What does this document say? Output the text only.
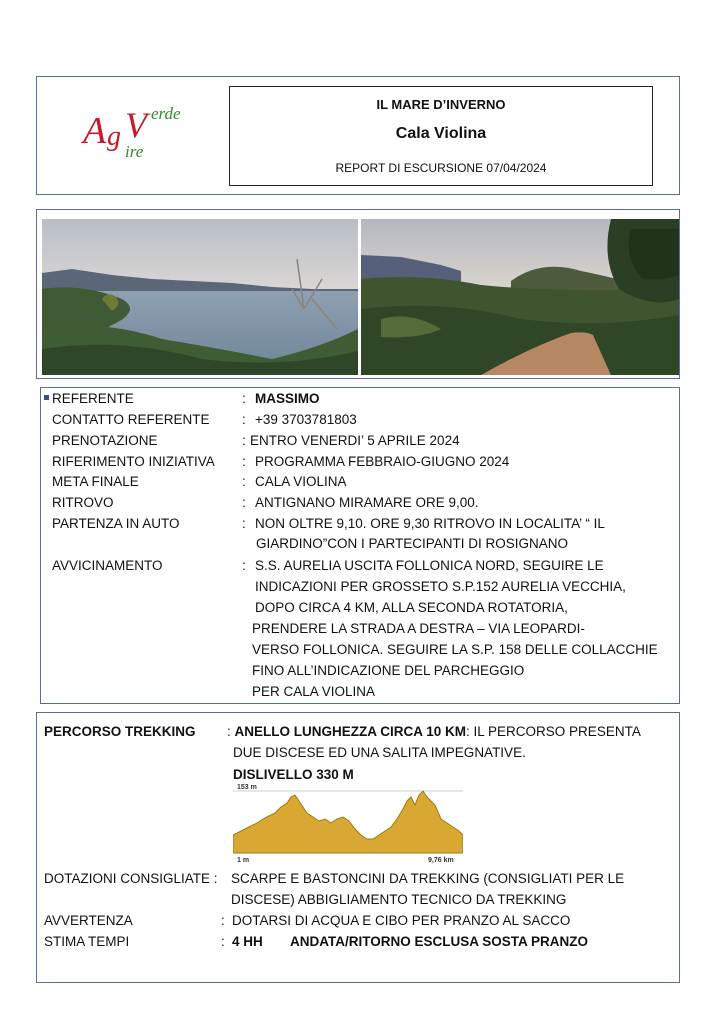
A g V erde
ire
IL MARE D’INVERNO
Cala Violina
REPORT DI ESCURSIONE 07/04/2024
REFERENTE	: MASSIMO
CONTATTO REFERENTE : +39 3703781803
PRENOTAZIONE	: ENTRO VENERDI’ 5 APRILE 2024
RIFERIMENTO INIZIATIVA : PROGRAMMA FEBBRAIO-GIUGNO 2024
META FINALE	: CALA VIOLINA
RITROVO	: ANTIGNANO MIRAMARE ORE 9,00.
PARTENZA IN AUTO	: NON OLTRE 9,10. ORE 9,30 RITROVO IN LOCALITA’ “ IL
GIARDINO”CON I PARTECIPANTI DI ROSIGNANO
AVVICINAMENTO	: S.S. AURELIA USCITA FOLLONICA NORD, SEGUIRE LE
INDICAZIONI PER GROSSETO S.P.152 AURELIA VECCHIA,
DOPO CIRCA 4 KM, ALLA SECONDA ROTATORIA,
PRENDERE LA STRADA A DESTRA – VIA LEOPARDI-
VERSO FOLLONICA. SEGUIRE LA S.P. 158 DELLE COLLACCHIE
FINO ALL’INDICAZIONE DEL PARCHEGGIO
PER CALA VIOLINA
PERCORSO TREKKING : ANELLO LUNGHEZZA CIRCA 10 KM: IL PERCORSO PRESENTA
DUE DISCESE ED UNA SALITA IMPEGNATIVE.
DISLIVELLO 330 M
153 m
1 m	9,76 km
DOTAZIONI CONSIGLIATE : SCARPE E BASTONCINI DA TREKKING (CONSIGLIATI PER LE
DISCESE) ABBIGLIAMENTO TECNICO DA TREKKING
AVVERTENZA	: DOTARSI DI ACQUA E CIBO PER PRANZO AL SACCO
STIMA TEMPI	: 4 HH ANDATA/RITORNO ESCLUSA SOSTA PRANZO
